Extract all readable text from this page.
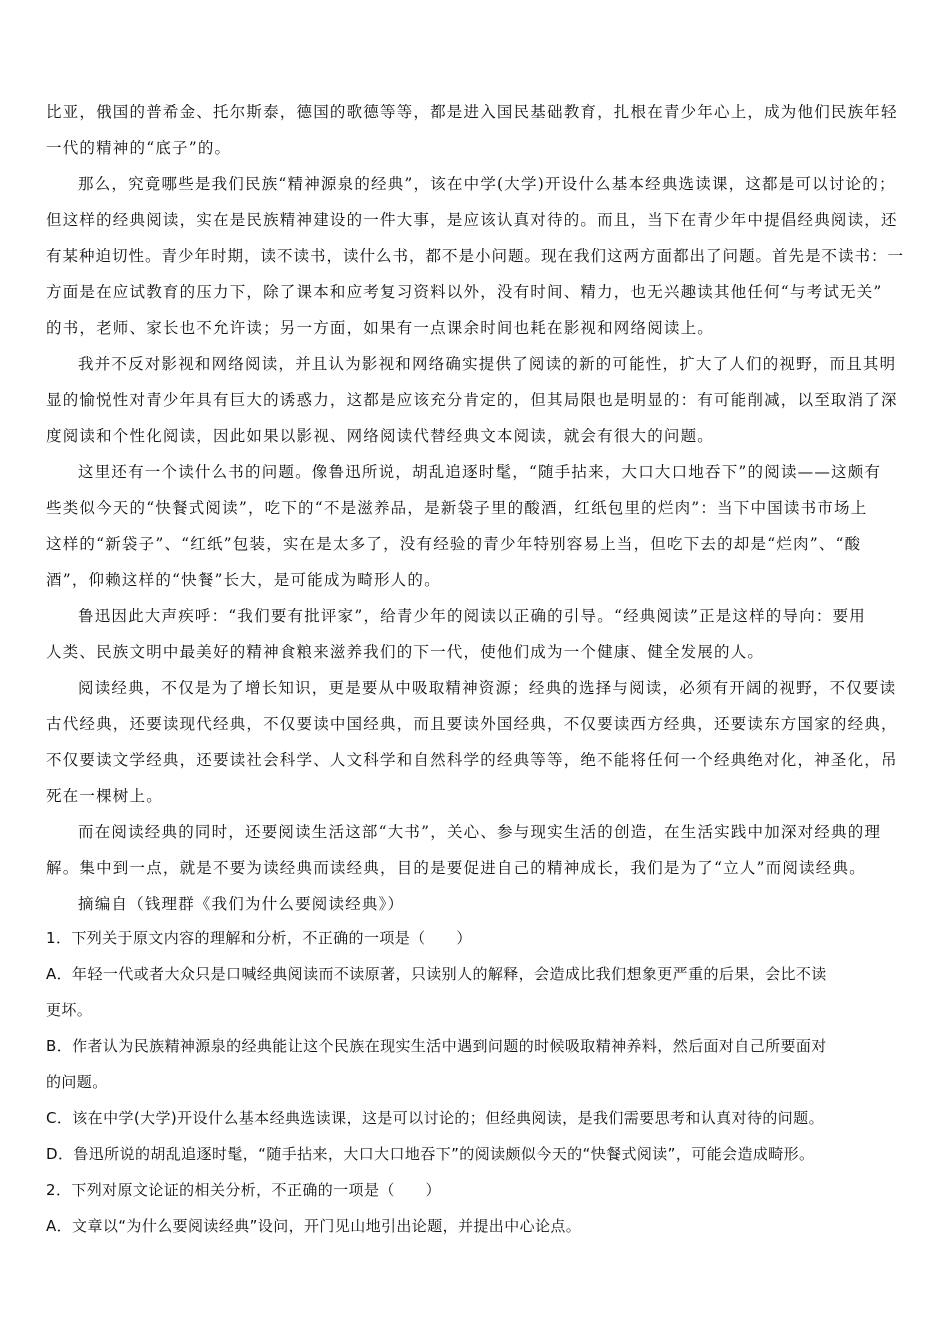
比亚，俄国的普希金、托尔斯泰，德国的歌德等等，都是进入国民基础教育，扎根在青少年心上，成为他们民族年轻
一代的精神的“底子”的。
那么，究竟哪些是我们民族“精神源泉的经典”，该在中学(大学)开设什么基本经典选读课，这都是可以讨论的；
但这样的经典阅读，实在是民族精神建设的一件大事，是应该认真对待的。而且，当下在青少年中提倡经典阅读，还
有某种迫切性。青少年时期，读不读书，读什么书，都不是小问题。现在我们这两方面都出了问题。首先是不读书：一
方面是在应试教育的压力下，除了课本和应考复习资料以外，没有时间、精力，也无兴趣读其他任何“与考试无关”
的书，老师、家长也不允许读；另一方面，如果有一点课余时间也耗在影视和网络阅读上。
我并不反对影视和网络阅读，并且认为影视和网络确实提供了阅读的新的可能性，扩大了人们的视野，而且其明
显的愉悦性对青少年具有巨大的诱惑力，这都是应该充分肯定的，但其局限也是明显的：有可能削减，以至取消了深
度阅读和个性化阅读，因此如果以影视、网络阅读代替经典文本阅读，就会有很大的问题。
这里还有一个读什么书的问题。像鲁迅所说，胡乱追逐时髦，“随手拈来，大口大口地吞下”的阅读——这颇有
些类似今天的“快餐式阅读”，吃下的“不是滋养品，是新袋子里的酸酒，红纸包里的烂肉”：当下中国读书市场上
这样的“新袋子”、“红纸”包装，实在是太多了，没有经验的青少年特别容易上当，但吃下去的却是“烂肉”、“酸
酒”，仰赖这样的“快餐”长大，是可能成为畸形人的。
鲁迅因此大声疾呼：“我们要有批评家”，给青少年的阅读以正确的引导。“经典阅读”正是这样的导向：要用
人类、民族文明中最美好的精神食粮来滋养我们的下一代，使他们成为一个健康、健全发展的人。
阅读经典，不仅是为了增长知识，更是要从中吸取精神资源；经典的选择与阅读，必须有开阔的视野，不仅要读
古代经典，还要读现代经典，不仅要读中国经典，而且要读外国经典，不仅要读西方经典，还要读东方国家的经典，
不仅要读文学经典，还要读社会科学、人文科学和自然科学的经典等等，绝不能将任何一个经典绝对化，神圣化，吊
死在一棵树上。
而在阅读经典的同时，还要阅读生活这部“大书”，关心、参与现实生活的创造，在生活实践中加深对经典的理
解。集中到一点，就是不要为读经典而读经典，目的是要促进自己的精神成长，我们是为了“立人”而阅读经典。
摘编自（钱理群《我们为什么要阅读经典》）
1．下列关于原文内容的理解和分析，不正确的一项是（　　）
A．年轻一代或者大众只是口喊经典阅读而不读原著，只读别人的解释，会造成比我们想象更严重的后果，会比不读
更坏。
B．作者认为民族精神源泉的经典能让这个民族在现实生活中遇到问题的时候吸取精神养料，然后面对自己所要面对
的问题。
C．该在中学(大学)开设什么基本经典选读课，这是可以讨论的；但经典阅读，是我们需要思考和认真对待的问题。
D．鲁迅所说的胡乱追逐时髦，“随手拈来，大口大口地吞下”的阅读颇似今天的“快餐式阅读”，可能会造成畸形。
2．下列对原文论证的相关分析，不正确的一项是（　　）
A．文章以“为什么要阅读经典”设问，开门见山地引出论题，并提出中心论点。
